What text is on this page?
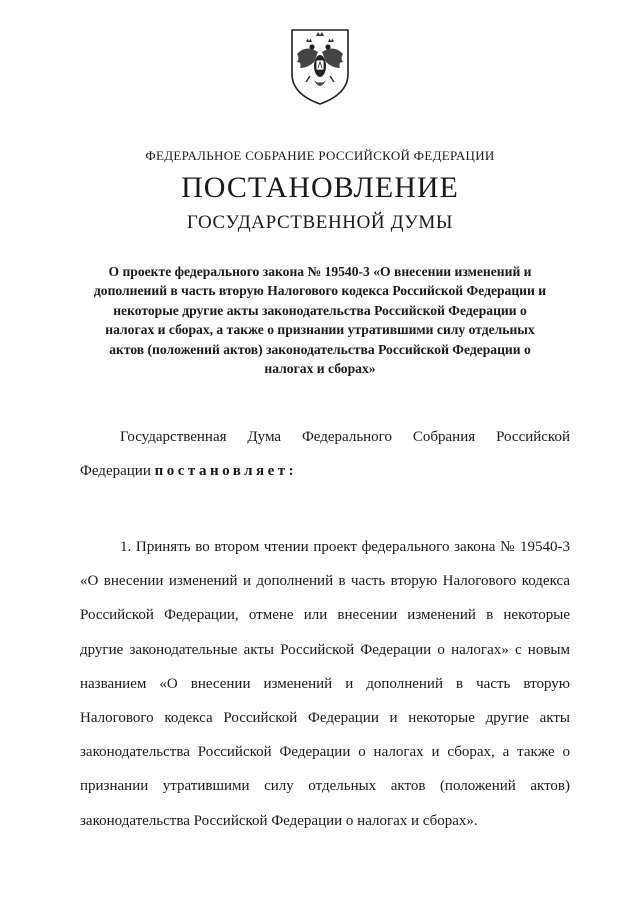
ФЕДЕРАЛЬНОЕ СОБРАНИЕ РОССИЙСКОЙ ФЕДЕРАЦИИ
ПОСТАНОВЛЕНИЕ
ГОСУДАРСТВЕННОЙ ДУМЫ
О проекте федерального закона № 19540-3 «О внесении изменений и дополнений в часть вторую Налогового кодекса Российской Федерации и некоторые другие акты законодательства Российской Федерации о налогах и сборах, а также о признании утратившими силу отдельных актов (положений актов) законодательства Российской Федерации о налогах и сборах»

Государственная Дума Федерального Собрания Российской Федерации постановляет:

1. Принять во втором чтении проект федерального закона № 19540-3 «О внесении изменений и дополнений в часть вторую Налогового кодекса Российской Федерации, отмене или внесении изменений в некоторые другие законодательные акты Российской Федерации о налогах» с новым названием «О внесении изменений и дополнений в часть вторую Налогового кодекса Российской Федерации и некоторые другие акты законодательства Российской Федерации о налогах и сборах, а также о признании утратившими силу отдельных актов (положений актов) законодательства Российской Федерации о налогах и сборах».
